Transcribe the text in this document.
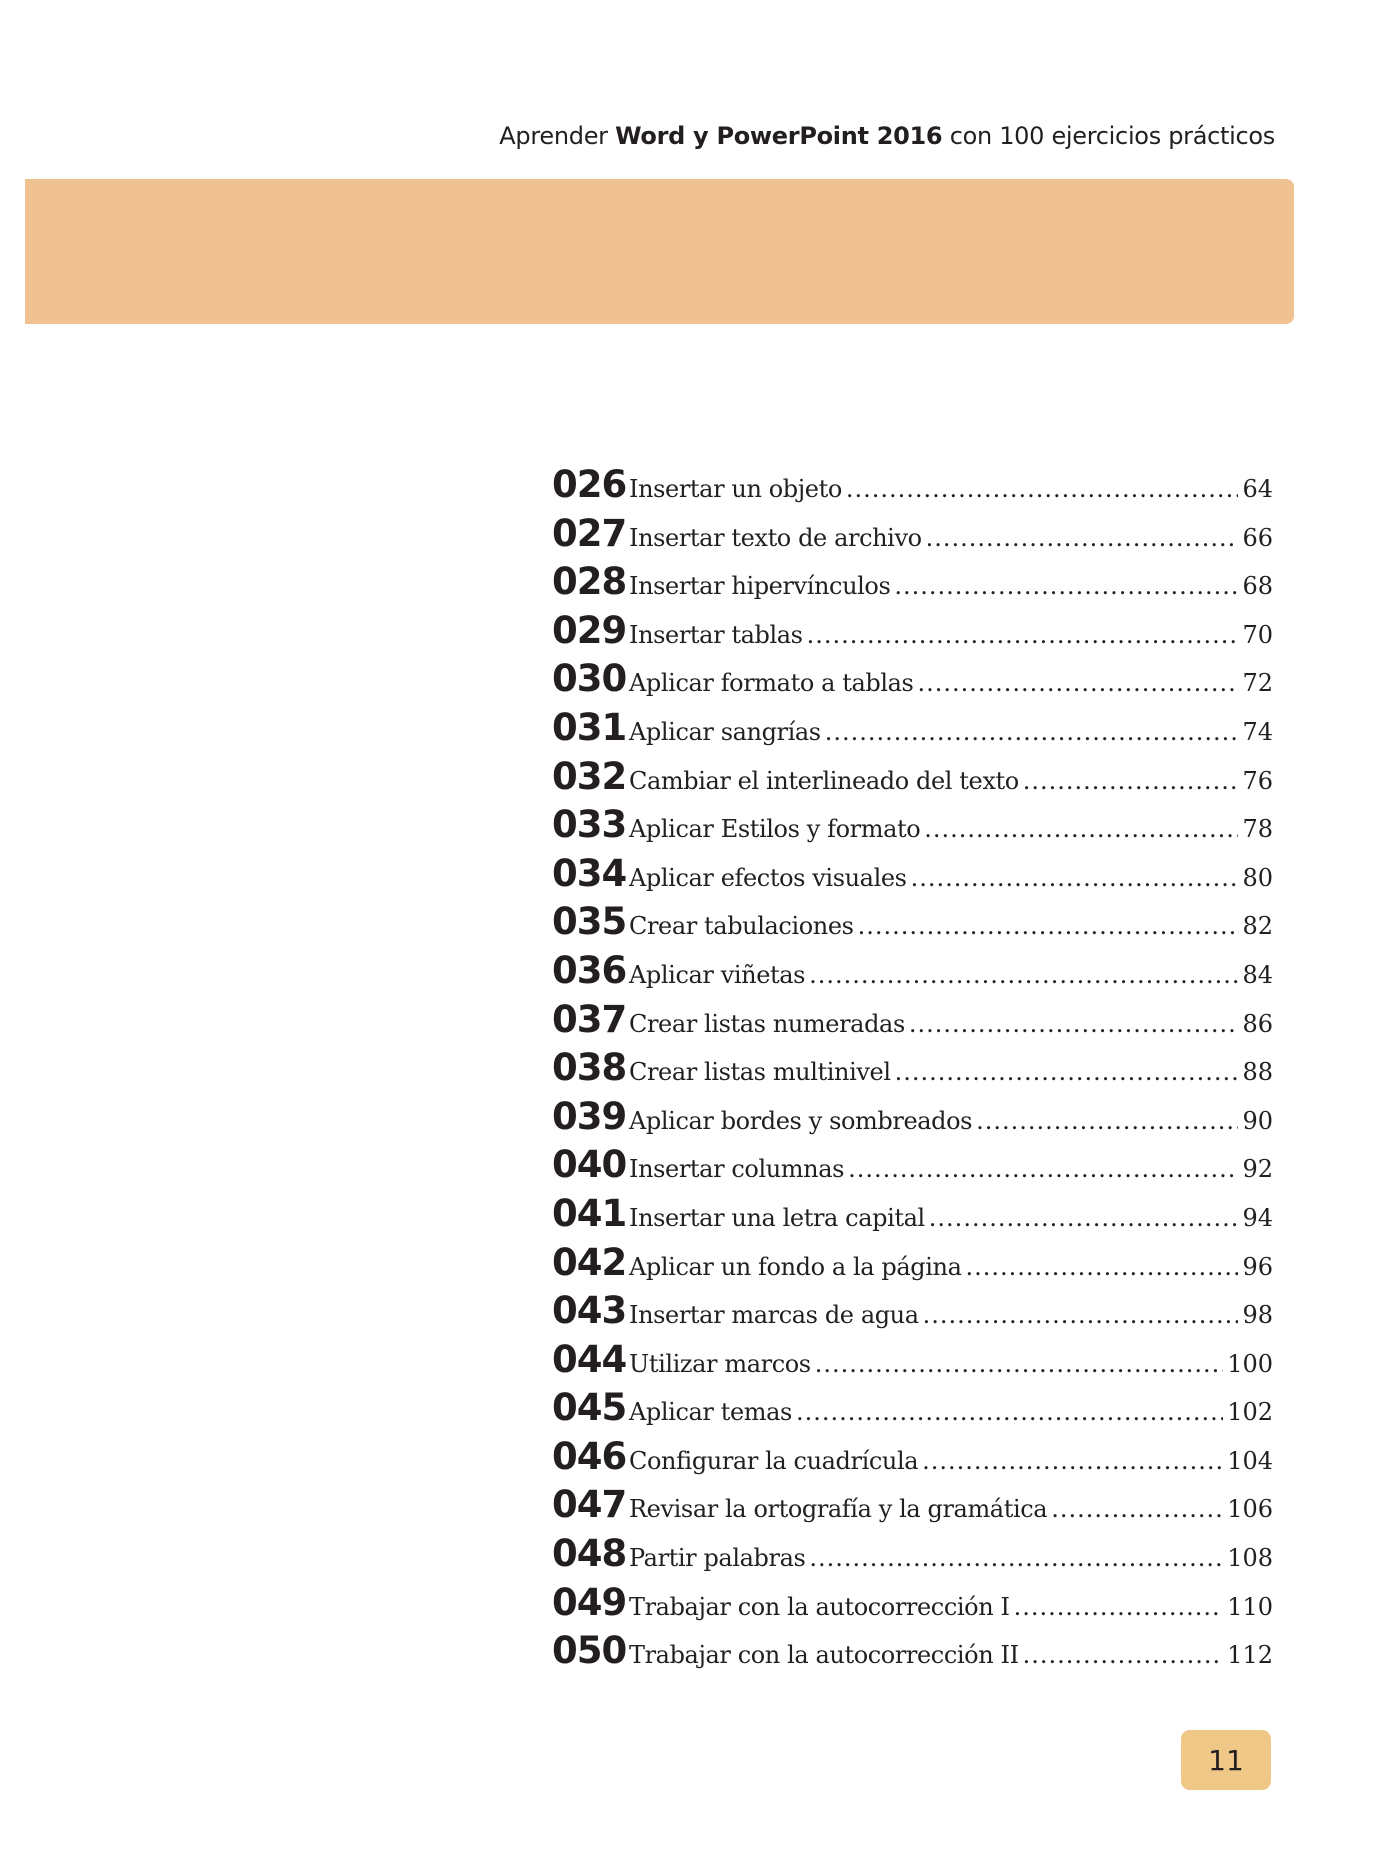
Aprender Word y PowerPoint 2016 con 100 ejercicios prácticos
026 Insertar un objeto .....	64
027 Insertar texto de archivo .....	66
028 Insertar hipervínculos .....	68
029 Insertar tablas .....	70
030 Aplicar formato a tablas .....	72
031 Aplicar sangrías .....	74
032 Cambiar el interlineado del texto .....	76
033 Aplicar Estilos y formato .....	78
034 Aplicar efectos visuales .....	80
035 Crear tabulaciones .....	82
036 Aplicar viñetas .....	84
037 Crear listas numeradas .....	86
038 Crear listas multinivel .....	88
039 Aplicar bordes y sombreados .....	90
040 Insertar columnas .....	92
041 Insertar una letra capital .....	94
042 Aplicar un fondo a la página .....	96
043 Insertar marcas de agua .....	98
044 Utilizar marcos .....	100
045 Aplicar temas .....	102
046 Configurar la cuadrícula .....	104
047 Revisar la ortografía y la gramática .....	106
048 Partir palabras .....	108
049 Trabajar con la autocorrección I .....	110
050 Trabajar con la autocorrección II .....	112
11
